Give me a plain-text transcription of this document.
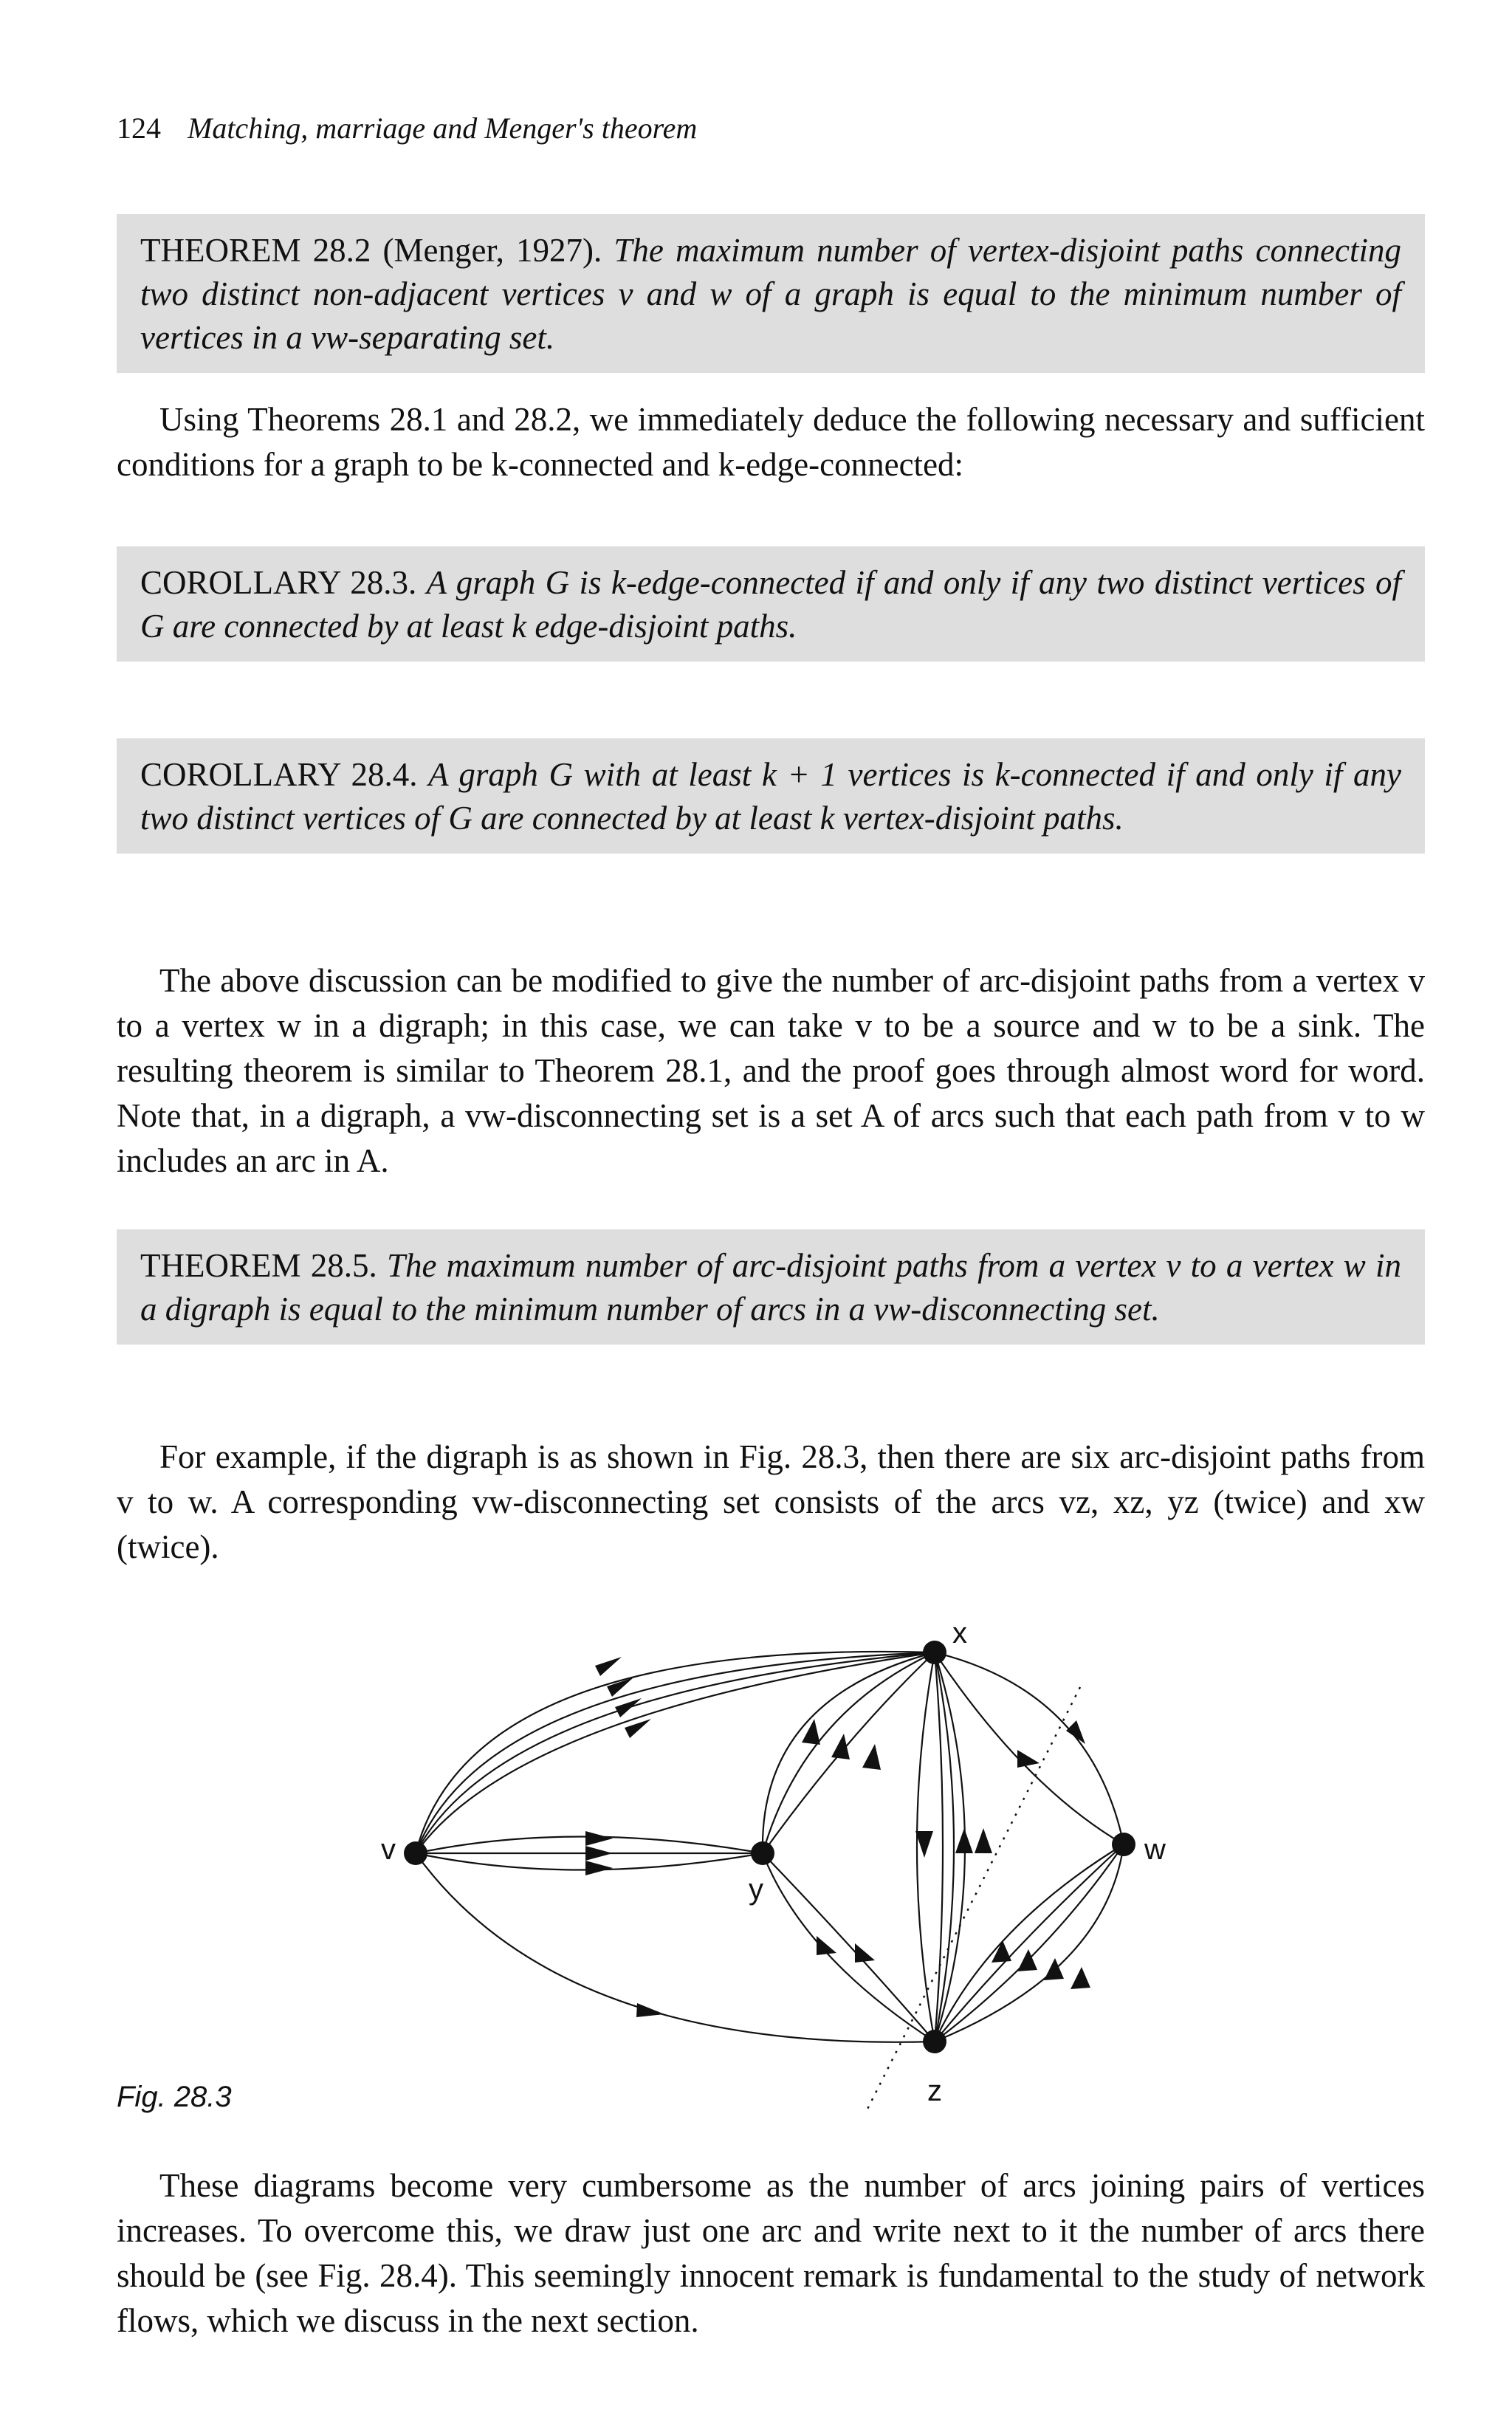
124 Matching, marriage and Menger's theorem
THEOREM 28.2 (Menger, 1927). The maximum number of vertex-disjoint paths connecting two distinct non-adjacent vertices v and w of a graph is equal to the minimum number of vertices in a vw-separating set.

Using Theorems 28.1 and 28.2, we immediately deduce the following necessary and sufficient conditions for a graph to be k-connected and k-edge-connected:

COROLLARY 28.3. A graph G is k-edge-connected if and only if any two distinct vertices of G are connected by at least k edge-disjoint paths.
COROLLARY 28.4. A graph G with at least k + 1 vertices is k-connected if and only if any two distinct vertices of G are connected by at least k vertex-disjoint paths.

The above discussion can be modified to give the number of arc-disjoint paths from a vertex v to a vertex w in a digraph; in this case, we can take v to be a source and w to be a sink. The resulting theorem is similar to Theorem 28.1, and the proof goes through almost word for word. Note that, in a digraph, a vw-disconnecting set is a set A of arcs such that each path from v to w includes an arc in A.

THEOREM 28.5. The maximum number of arc-disjoint paths from a vertex v to a vertex w in a digraph is equal to the minimum number of arcs in a vw-disconnecting set.

For example, if the digraph is as shown in Fig. 28.3, then there are six arc-disjoint paths from v to w. A corresponding vw-disconnecting set consists of the arcs vz, xz, yz (twice) and xw (twice).

v
x
y
z
w
Fig. 28.3

These diagrams become very cumbersome as the number of arcs joining pairs of vertices increases. To overcome this, we draw just one arc and write next to it the number of arcs there should be (see Fig. 28.4). This seemingly innocent remark is fundamental to the study of network flows, which we discuss in the next section.
